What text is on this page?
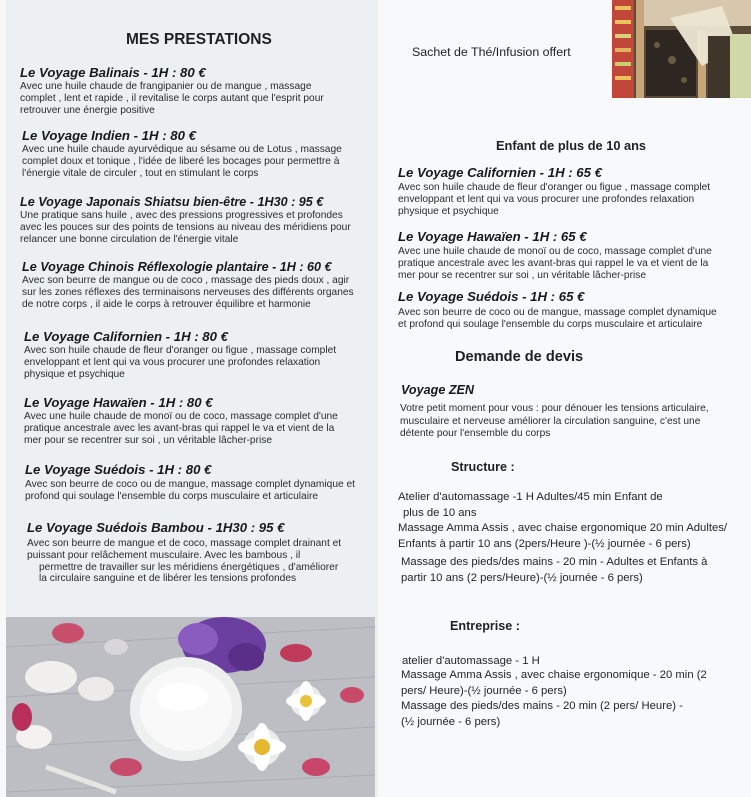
MES PRESTATIONS
Le Voyage Balinais - 1H : 80 €
Avec une huile chaude de frangipanier ou de mangue , massage
complet , lent et rapide , il revitalise le corps autant que l'esprit pour
retrouver une énergie positive
Le Voyage Indien - 1H : 80 €
Avec une huile chaude ayurvédique au sésame ou de Lotus , massage
complet doux et tonique , l'idée de liberé les bocages pour permettre à
l'énergie vitale de circuler , tout en stimulant le corps
Le Voyage Japonais Shiatsu bien-être - 1H30 : 95 €
Une pratique sans huile , avec des pressions progressives et profondes
avec les pouces sur des points de tensions au niveau des méridiens pour
relancer une bonne circulation de l'énergie vitale
Le Voyage Chinois Réflexologie plantaire - 1H : 60 €
Avec son beurre de mangue ou de coco , massage des pieds doux , agir
sur les zones réflexes des terminaisons nerveuses des différents organes
de notre corps , il aide le corps à retrouver équilibre et harmonie
Le Voyage Californien - 1H : 80 €
Avec son huile chaude de fleur d'oranger ou figue , massage complet
enveloppant et lent qui va vous procurer une profondes relaxation
physique et psychique
Le Voyage Hawaïen - 1H : 80 €
Avec une huile chaude de monoï ou de coco, massage complet d'une
pratique ancestrale avec les avant-bras qui rappel le va et vient de la
mer pour se recentrer sur soi , un véritable lâcher-prise
Le Voyage Suédois - 1H : 80 €
Avec son beurre de coco ou de mangue, massage complet dynamique et
profond qui soulage l'ensemble du corps musculaire et articulaire
Le Voyage Suédois Bambou - 1H30 : 95 €
Avec son beurre de mangue et de coco, massage complet drainant et
puissant pour relâchement musculaire. Avec les bambous , il
permettre de travailler sur les méridiens énergétiques , d'améliorer
la circulaire sanguine et de libérer les tensions profondes
Sachet de Thé/Infusion offert
Enfant de plus de 10 ans
Le Voyage Californien - 1H : 65 €
Avec son huile chaude de fleur d'oranger ou figue , massage complet
enveloppant et lent qui va vous procurer une profondes relaxation
physique et psychique
Le Voyage Hawaïen - 1H : 65 €
Avec une huile chaude de monoï ou de coco, massage complet d'une
pratique ancestrale avec les avant-bras qui rappel le va et vient de la
mer pour se recentrer sur soi , un véritable lâcher-prise
Le Voyage Suédois - 1H : 65 €
Avec son beurre de coco ou de mangue, massage complet dynamique
et profond qui soulage l'ensemble du corps musculaire et articulaire
Demande de devis
Voyage ZEN
Votre petit moment pour vous : pour dénouer les tensions articulaire,
musculaire et nerveuse améliorer la circulation sanguine, c'est une
détente pour l'ensemble du corps
Structure :
Atelier d'automassage -1 H Adultes/45 min Enfant de
plus de 10 ans
Massage Amma Assis , avec chaise ergonomique 20 min Adultes/
Enfants à partir 10 ans (2pers/Heure )-(½ journée - 6 pers)
Massage des pieds/des mains - 20 min - Adultes et Enfants à
partir 10 ans (2 pers/Heure)-(½ journée - 6 pers)
Entreprise :
atelier d'automassage - 1 H
Massage Amma Assis , avec chaise ergonomique - 20 min (2
pers/ Heure)-(½ journée - 6 pers)
Massage des pieds/des mains - 20 min (2 pers/ Heure) -
(½ journée - 6 pers)
